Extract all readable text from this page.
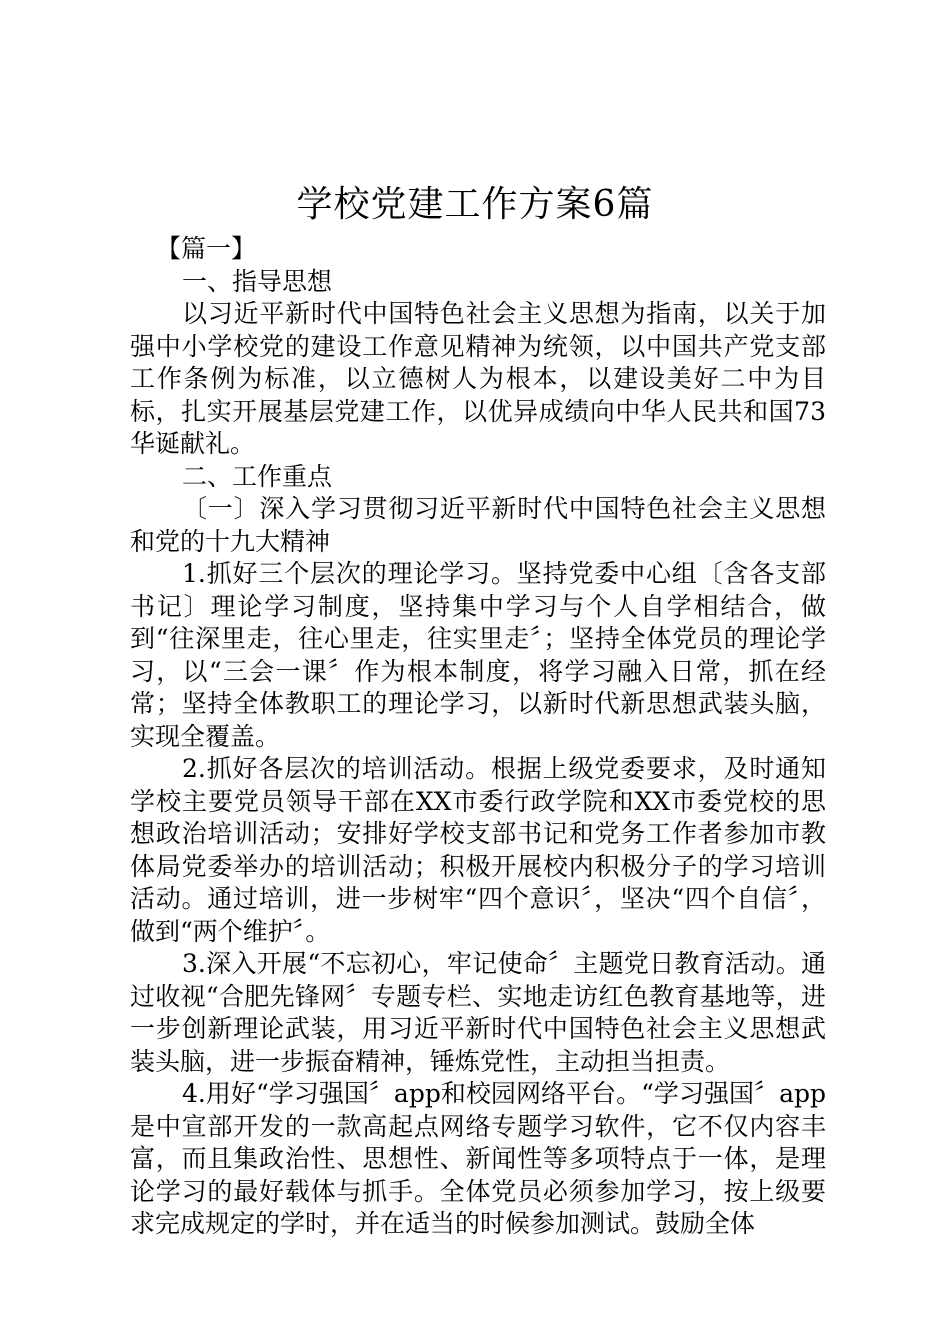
学校党建工作方案6篇

【篇一】

一、指导思想

以习近平新时代中国特色社会主义思想为指南，以关于加强中小学校党的建设工作意见精神为统领，以中国共产党支部工作条例为标准，以立德树人为根本，以建设美好二中为目标，扎实开展基层党建工作，以优异成绩向中华人民共和国73华诞献礼。

二、工作重点

〔一〕深入学习贯彻习近平新时代中国特色社会主义思想和党的十九大精神

1.抓好三个层次的理论学习。坚持党委中心组〔含各支部书记〕理论学习制度，坚持集中学习与个人自学相结合，做到“往深里走，往心里走，往实里走〞；坚持全体党员的理论学习，以“三会一课〞作为根本制度，将学习融入日常，抓在经常；坚持全体教职工的理论学习，以新时代新思想武装头脑，实现全覆盖。

2.抓好各层次的培训活动。根据上级党委要求，及时通知学校主要党员领导干部在XX市委行政学院和XX市委党校的思想政治培训活动；安排好学校支部书记和党务工作者参加市教体局党委举办的培训活动；积极开展校内积极分子的学习培训活动。通过培训，进一步树牢“四个意识〞，坚决“四个自信〞，做到“两个维护〞。

3.深入开展“不忘初心，牢记使命〞主题党日教育活动。通过收视“合肥先锋网〞专题专栏、实地走访红色教育基地等，进一步创新理论武装，用习近平新时代中国特色社会主义思想武装头脑，进一步振奋精神，锤炼党性，主动担当担责。

4.用好“学习强国〞app和校园网络平台。“学习强国〞app是中宣部开发的一款高起点网络专题学习软件，它不仅内容丰富，而且集政治性、思想性、新闻性等多项特点于一体，是理论学习的最好载体与抓手。全体党员必须参加学习，按上级要求完成规定的学时，并在适当的时候参加测试。鼓励全体
